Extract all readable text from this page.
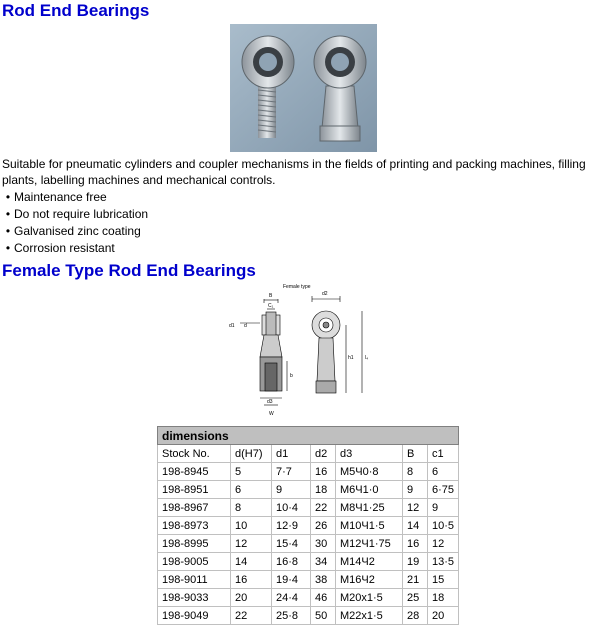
Rod End Bearings
Suitable for pneumatic cylinders and coupler mechanisms in the fields of printing and packing machines, filling plants, labelling machines and mechanical controls.
• Maintenance free
• Do not require lubrication
• Galvanised zinc coating
• Corrosion resistant
Female Type Rod End Bearings
Female type
B
C₁
d1 d
b
d3
W
d2
h1 l₄
dimensions						
Stock No.	d(H7)	d1	d2	d3	B	c1
198-8945	5	7·7	16	M5Ч0·8	8	6
198-8951	6	9	18	M6Ч1·0	9	6·75
198-8967	8	10·4	22	M8Ч1·25	12	9
198-8973	10	12·9	26	M10Ч1·5	14	10·5
198-8995	12	15·4	30	M12Ч1·75	16	12
198-9005	14	16·8	34	M14Ч2	19	13·5
198-9011	16	19·4	38	M16Ч2	21	15
198-9033	20	24·4	46	M20x1·5	25	18
198-9049	22	25·8	50	M22x1·5	28	20
